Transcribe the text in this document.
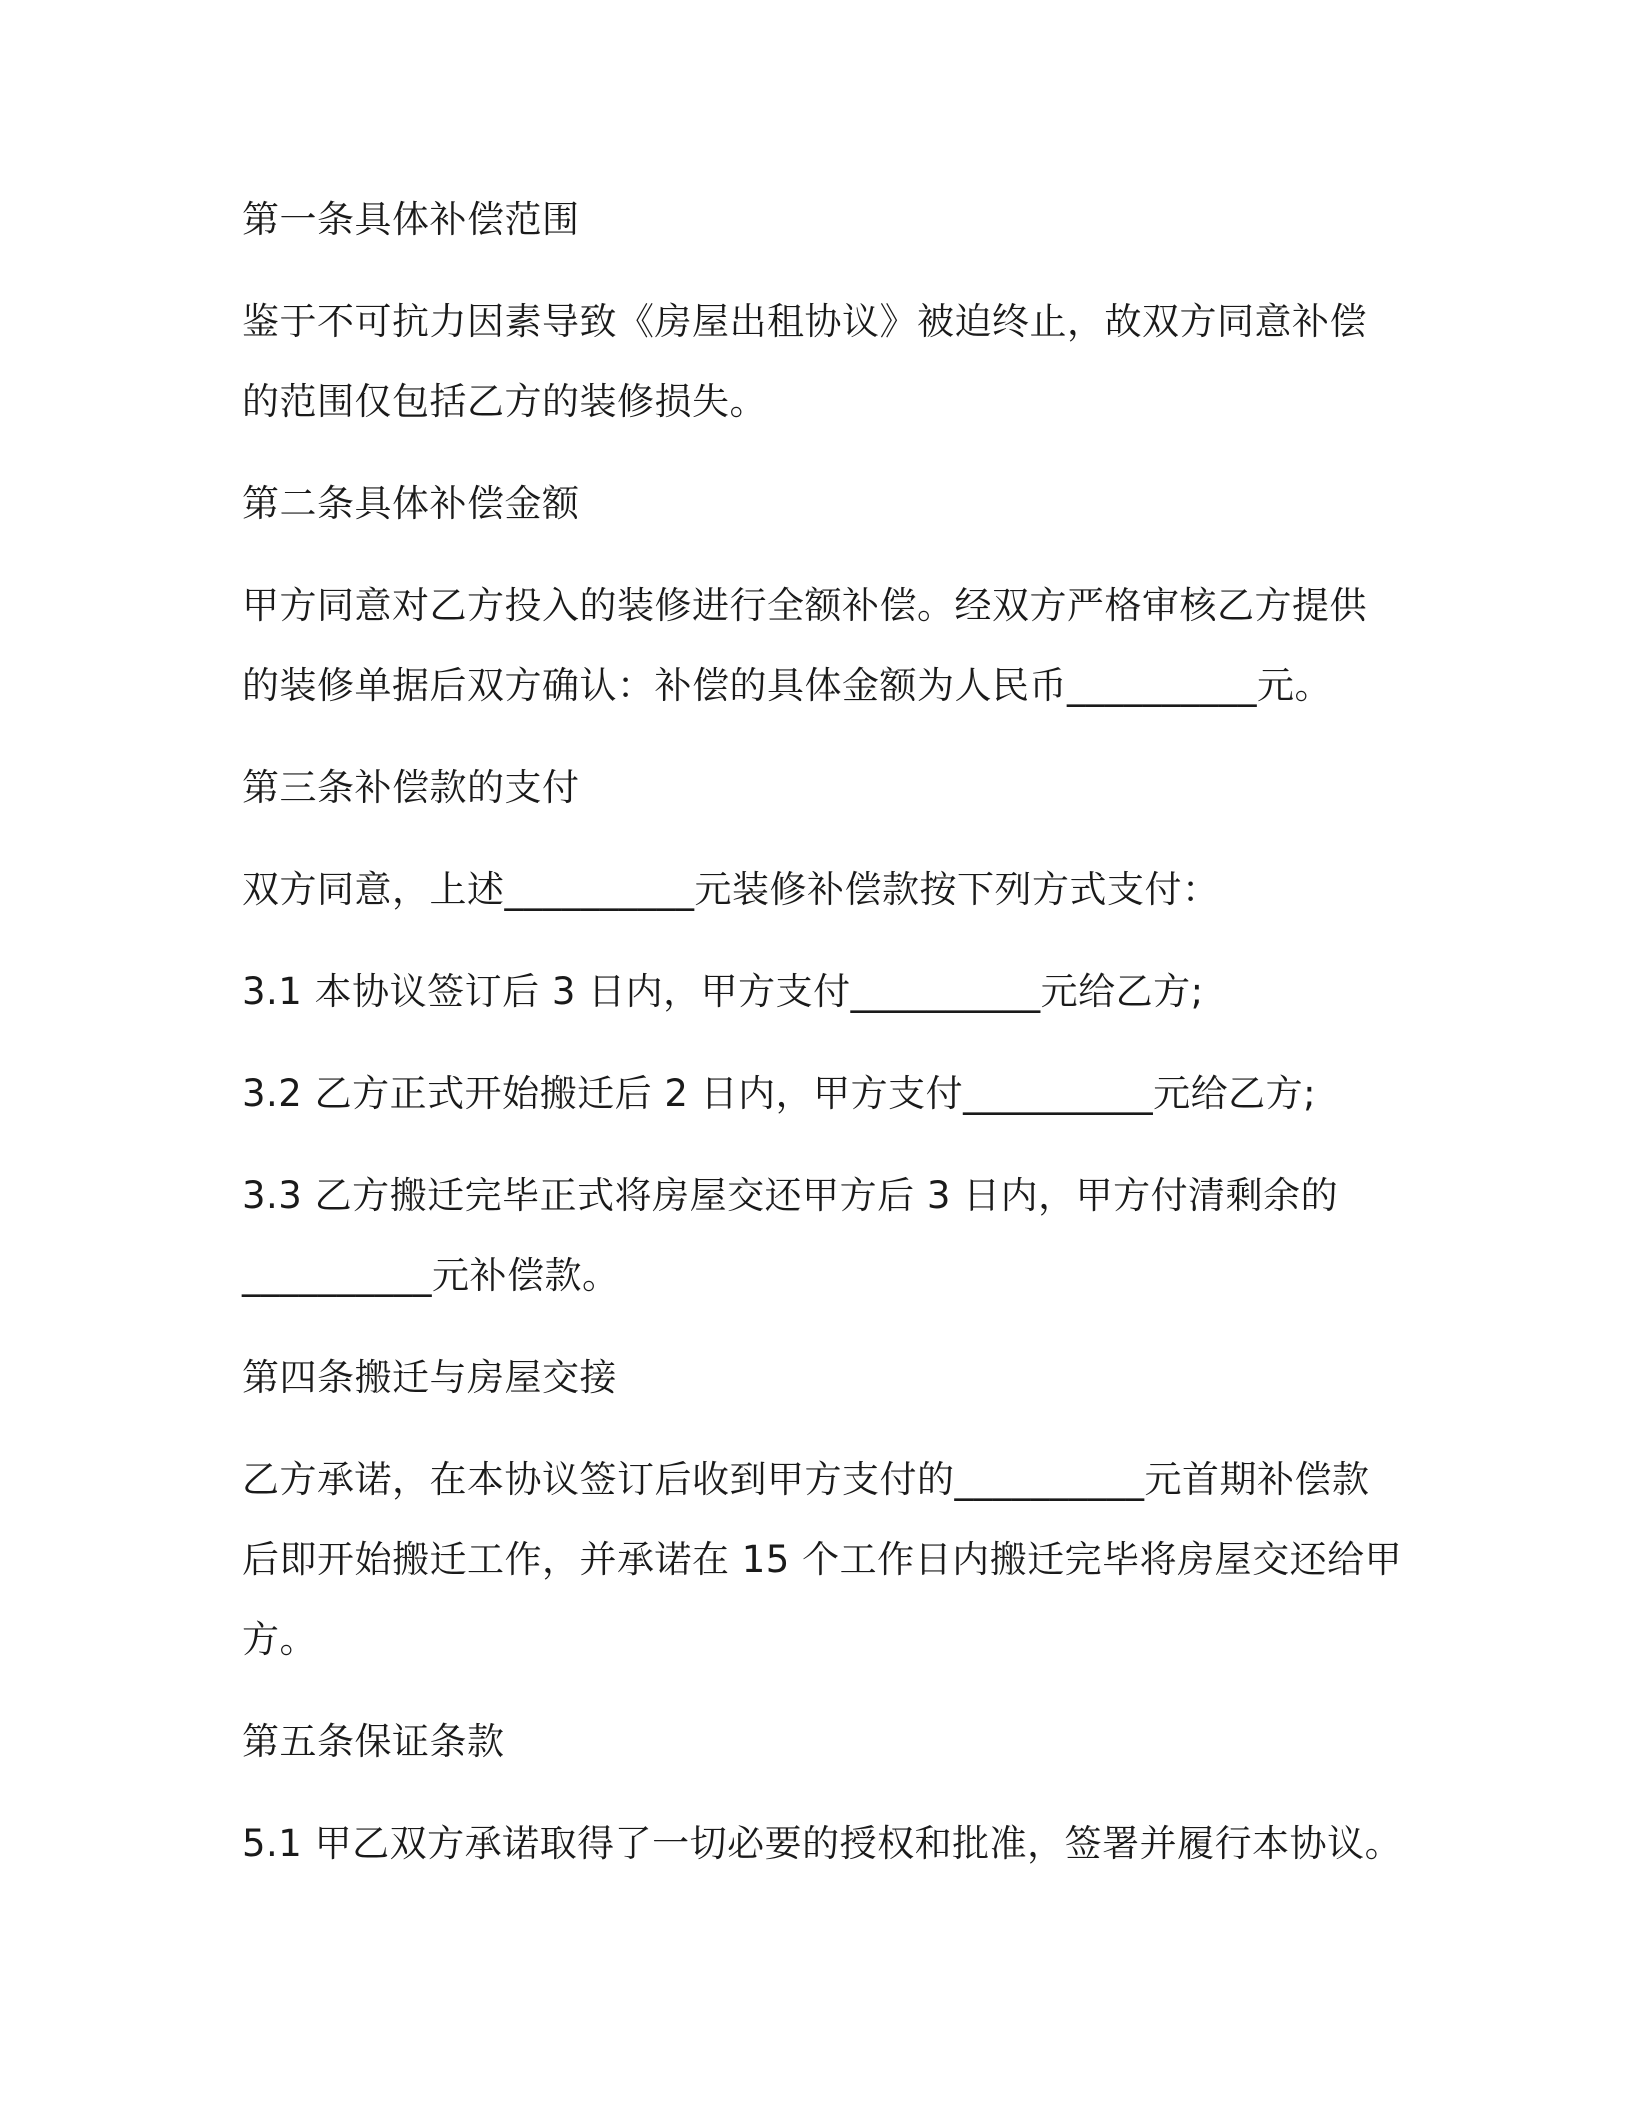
第一条具体补偿范围
鉴于不可抗力因素导致《房屋出租协议》被迫终止，故双方同意补偿
的范围仅包括乙方的装修损失。
第二条具体补偿金额
甲方同意对乙方投入的装修进行全额补偿。经双方严格审核乙方提供
的装修单据后双方确认：补偿的具体金额为人民币__________元。
第三条补偿款的支付
双方同意，上述__________元装修补偿款按下列方式支付：
3.1 本协议签订后 3 日内，甲方支付__________元给乙方;
3.2 乙方正式开始搬迁后 2 日内，甲方支付__________元给乙方;
3.3 乙方搬迁完毕正式将房屋交还甲方后 3 日内，甲方付清剩余的
__________元补偿款。
第四条搬迁与房屋交接
乙方承诺，在本协议签订后收到甲方支付的__________元首期补偿款
后即开始搬迁工作，并承诺在 15 个工作日内搬迁完毕将房屋交还给甲
方。
第五条保证条款
5.1 甲乙双方承诺取得了一切必要的授权和批准，签署并履行本协议。
